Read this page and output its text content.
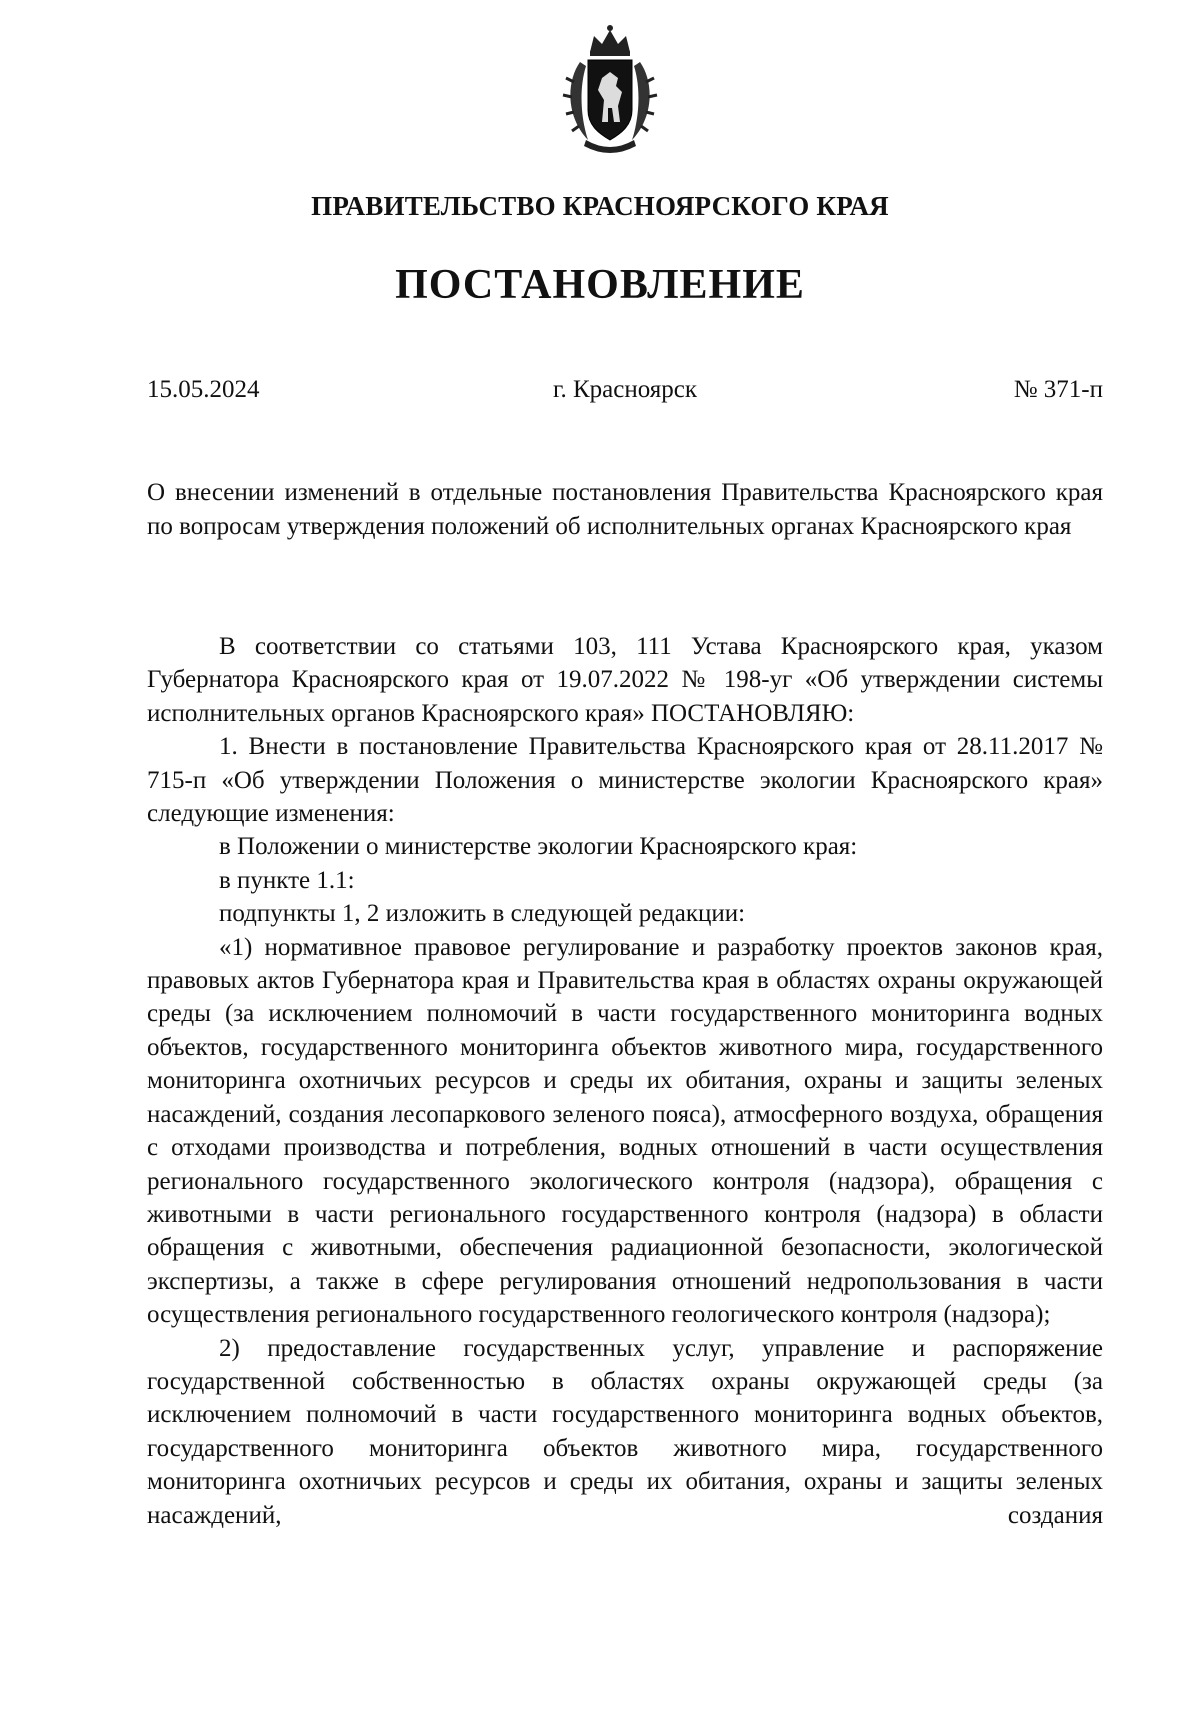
ПРАВИТЕЛЬСТВО КРАСНОЯРСКОГО КРАЯ
ПОСТАНОВЛЕНИЕ
15.05.2024	г. Красноярск	№ 371-п

О внесении изменений в отдельные постановления Правительства Красноярского края по вопросам утверждения положений об исполнительных органах Красноярского края

В соответствии со статьями 103, 111 Устава Красноярского края, указом Губернатора Красноярского края от 19.07.2022 № 198-уг «Об утверждении системы исполнительных органов Красноярского края» ПОСТАНОВЛЯЮ:

1. Внести в постановление Правительства Красноярского края от 28.11.2017 № 715-п «Об утверждении Положения о министерстве экологии Красноярского края» следующие изменения:

в Положении о министерстве экологии Красноярского края:

в пункте 1.1:

подпункты 1, 2 изложить в следующей редакции:

«1) нормативное правовое регулирование и разработку проектов законов края, правовых актов Губернатора края и Правительства края в областях охраны окружающей среды (за исключением полномочий в части государственного мониторинга водных объектов, государственного мониторинга объектов животного мира, государственного мониторинга охотничьих ресурсов и среды их обитания, охраны и защиты зеленых насаждений, создания лесопаркового зеленого пояса), атмосферного воздуха, обращения с отходами производства и потребления, водных отношений в части осуществления регионального государственного экологического контроля (надзора), обращения с животными в части регионального государственного контроля (надзора) в области обращения с животными, обеспечения радиационной безопасности, экологической экспертизы, а также в сфере регулирования отношений недропользования в части осуществления регионального государственного геологического контроля (надзора);

2) предоставление государственных услуг, управление и распоряжение государственной собственностью в областях охраны окружающей среды (за исключением полномочий в части государственного мониторинга водных объектов, государственного мониторинга объектов животного мира, государственного мониторинга охотничьих ресурсов и среды их обитания, охраны и защиты зеленых насаждений, создания
